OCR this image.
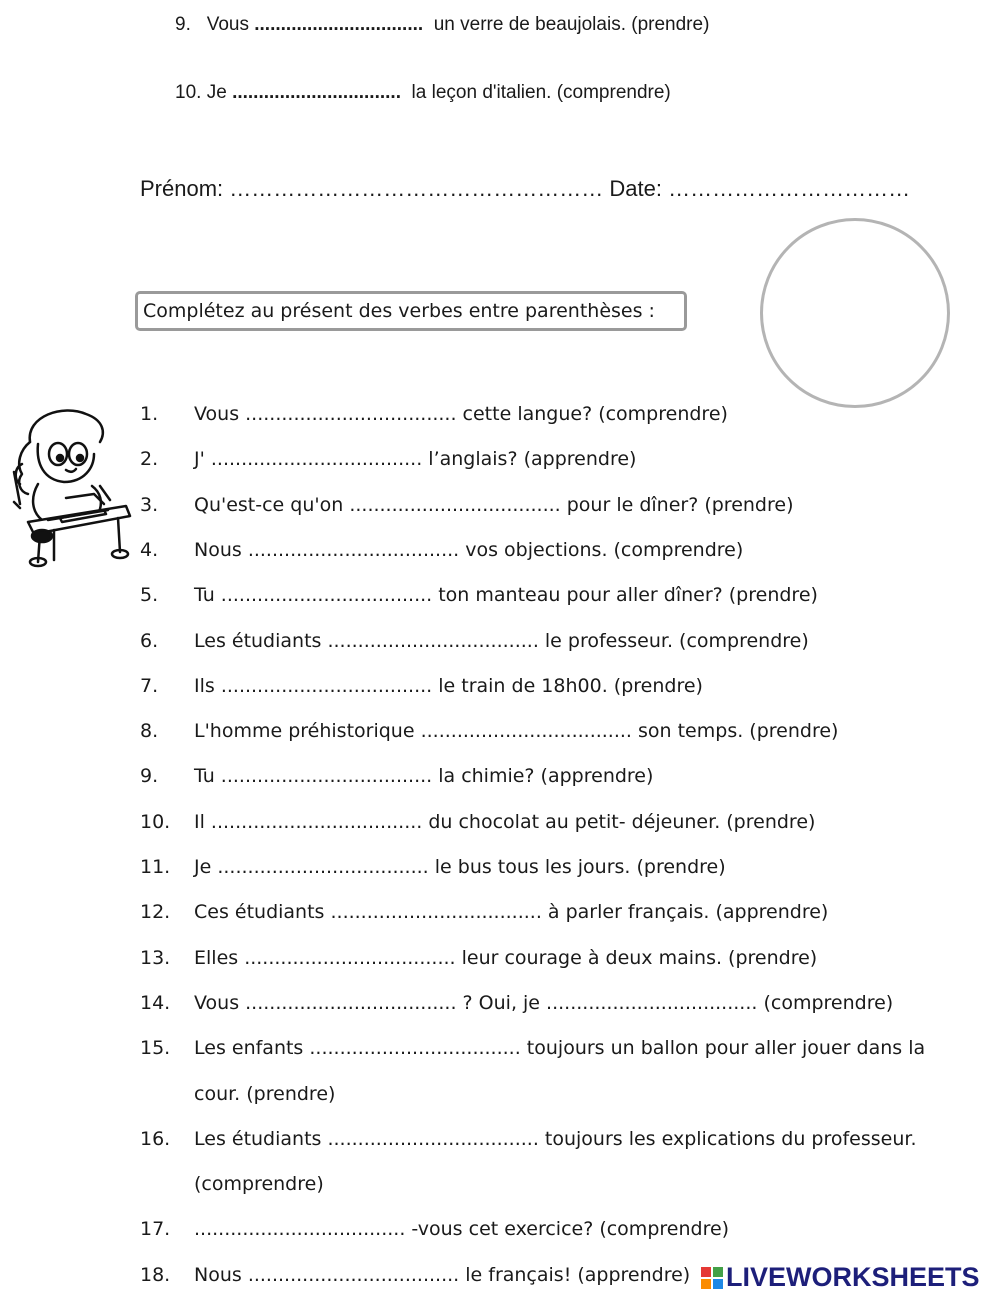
9. Vous ................................ un verre de beaujolais. (prendre)
10. Je ................................ la leçon d'italien. (comprendre)
Prénom: …………………………………………… Date: ……………………………
Complétez au présent des verbes entre parenthèses :
1. Vous ................................... cette langue? (comprendre)
2. J' ................................... l’anglais? (apprendre)
3. Qu'est-ce qu'on ................................... pour le dîner? (prendre)
4. Nous ................................... vos objections. (comprendre)
5. Tu ................................... ton manteau pour aller dîner? (prendre)
6. Les étudiants ................................... le professeur. (comprendre)
7. Ils ................................... le train de 18h00. (prendre)
8. L'homme préhistorique ................................... son temps. (prendre)
9. Tu ................................... la chimie? (apprendre)
10. Il ................................... du chocolat au petit- déjeuner. (prendre)
11. Je ................................... le bus tous les jours. (prendre)
12. Ces étudiants ................................... à parler français. (apprendre)
13. Elles ................................... leur courage à deux mains. (prendre)
14. Vous ................................... ? Oui, je ................................... (comprendre)
15. Les enfants ................................... toujours un ballon pour aller jouer dans la
cour. (prendre)
16. Les étudiants ................................... toujours les explications du professeur.
(comprendre)
17. ................................... -vous cet exercice? (comprendre)
18. Nous ................................... le français! (apprendre) LIVEWORKSHEETS
